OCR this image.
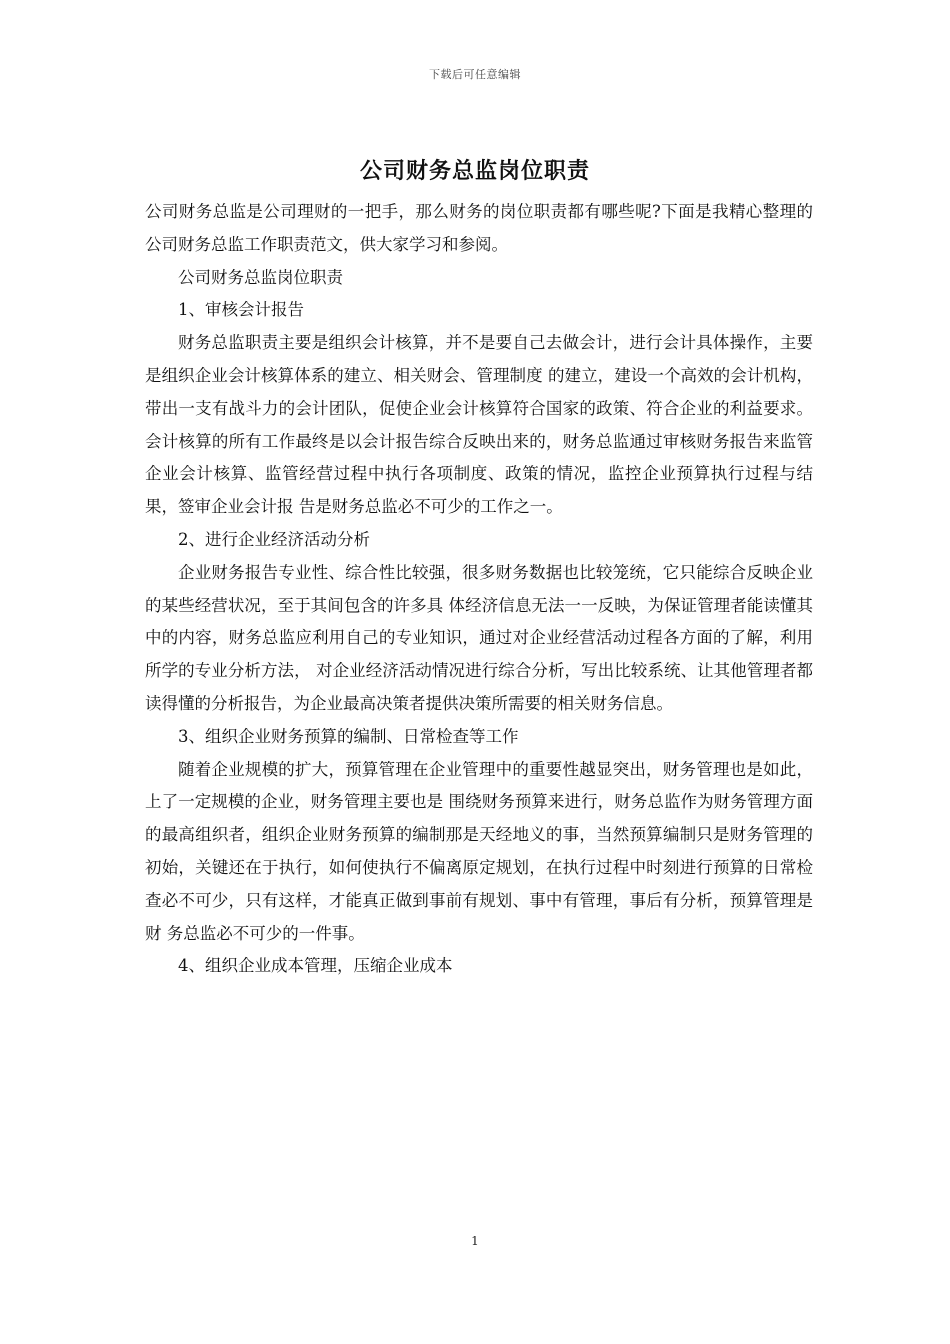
下载后可任意编辑
公司财务总监岗位职责

公司财务总监是公司理财的一把手，那么财务的岗位职责都有哪些呢?下面是我精心整理的公司财务总监工作职责范文，供大家学习和参阅。

公司财务总监岗位职责

1、审核会计报告

财务总监职责主要是组织会计核算，并不是要自己去做会计，进行会计具体操作，主要是组织企业会计核算体系的建立、相关财会、管理制度 的建立，建设一个高效的会计机构，带出一支有战斗力的会计团队，促使企业会计核算符合国家的政策、符合企业的利益要求。会计核算的所有工作最终是以会计报告综合反映出来的，财务总监通过审核财务报告来监管企业会计核算、监管经营过程中执行各项制度、政策的情况，监控企业预算执行过程与结果，签审企业会计报 告是财务总监必不可少的工作之一。

2、进行企业经济活动分析

企业财务报告专业性、综合性比较强，很多财务数据也比较笼统，它只能综合反映企业的某些经营状况，至于其间包含的许多具 体经济信息无法一一反映，为保证管理者能读懂其中的内容，财务总监应利用自己的专业知识，通过对企业经营活动过程各方面的了解，利用所学的专业分析方法， 对企业经济活动情况进行综合分析，写出比较系统、让其他管理者都读得懂的分析报告，为企业最高决策者提供决策所需要的相关财务信息。

3、组织企业财务预算的编制、日常检查等工作

随着企业规模的扩大，预算管理在企业管理中的重要性越显突出，财务管理也是如此，上了一定规模的企业，财务管理主要也是 围绕财务预算来进行，财务总监作为财务管理方面的最高组织者，组织企业财务预算的编制那是天经地义的事，当然预算编制只是财务管理的初始，关键还在于执行，如何使执行不偏离原定规划，在执行过程中时刻进行预算的日常检查必不可少，只有这样，才能真正做到事前有规划、事中有管理，事后有分析，预算管理是财 务总监必不可少的一件事。

4、组织企业成本管理，压缩企业成本

1
